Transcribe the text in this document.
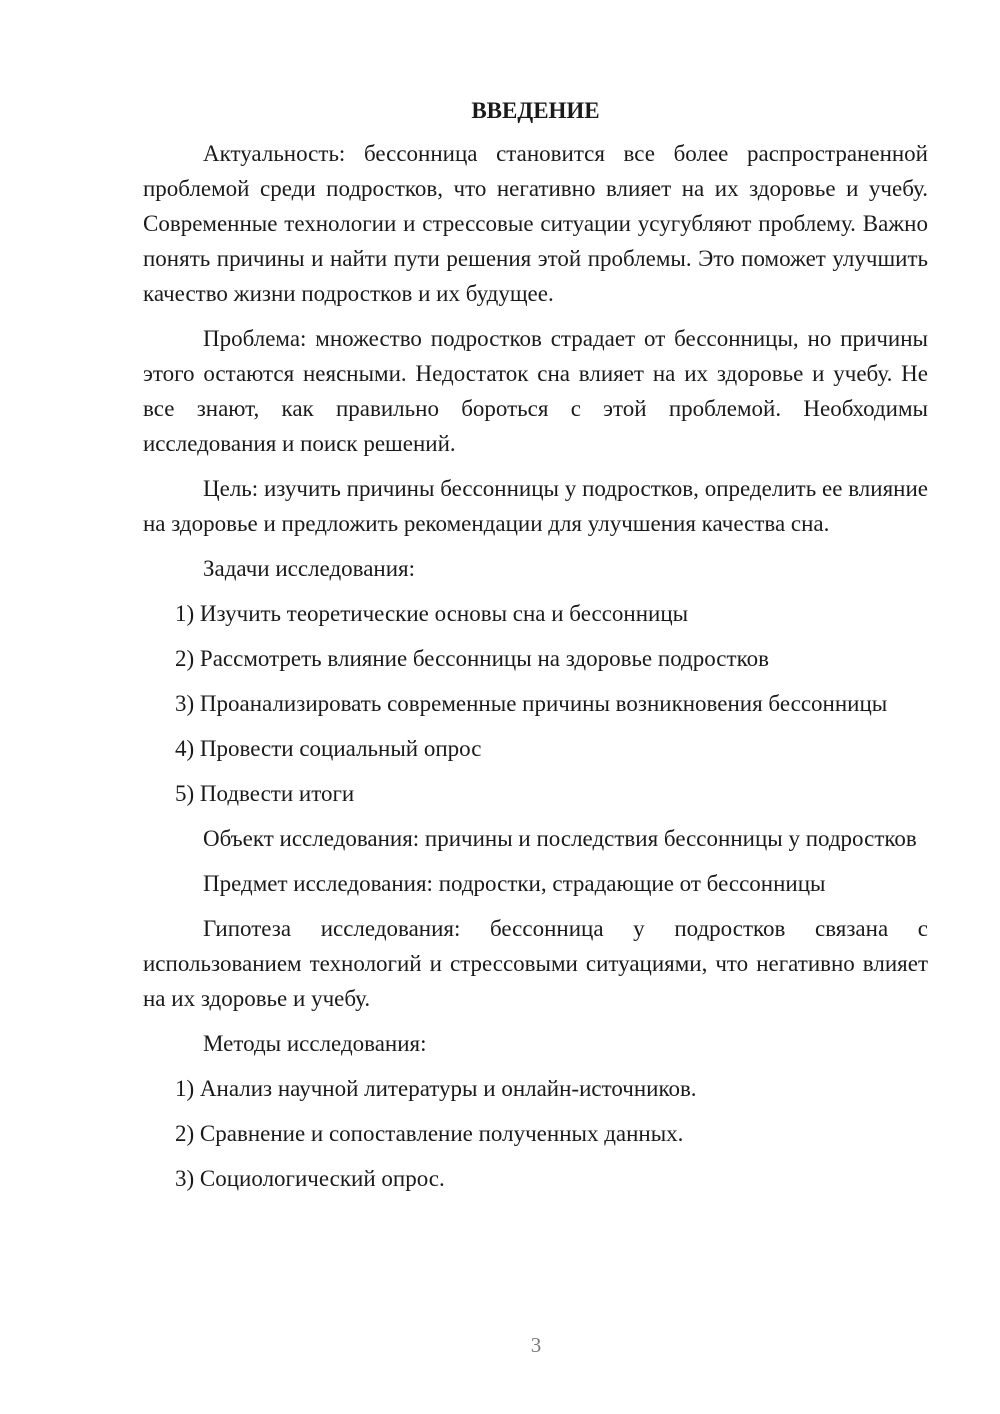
ВВЕДЕНИЕ
Актуальность: бессонница становится все более распространенной проблемой среди подростков, что негативно влияет на их здоровье и учебу. Современные технологии и стрессовые ситуации усугубляют проблему. Важно понять причины и найти пути решения этой проблемы. Это поможет улучшить качество жизни подростков и их будущее.
Проблема: множество подростков страдает от бессонницы, но причины этого остаются неясными. Недостаток сна влияет на их здоровье и учебу. Не все знают, как правильно бороться с этой проблемой. Необходимы исследования и поиск решений.
Цель: изучить причины бессонницы у подростков, определить ее влияние на здоровье и предложить рекомендации для улучшения качества сна.
Задачи исследования:
1) Изучить теоретические основы сна и бессонницы
2) Рассмотреть влияние бессонницы на здоровье подростков
3) Проанализировать современные причины возникновения бессонницы
4) Провести социальный опрос
5) Подвести итоги
Объект исследования: причины и последствия бессонницы у подростков
Предмет исследования: подростки, страдающие от бессонницы
Гипотеза исследования: бессонница у подростков связана с использованием технологий и стрессовыми ситуациями, что негативно влияет на их здоровье и учебу.
Методы исследования:
1) Анализ научной литературы и онлайн-источников.
2) Сравнение и сопоставление полученных данных.
3) Социологический опрос.
3
